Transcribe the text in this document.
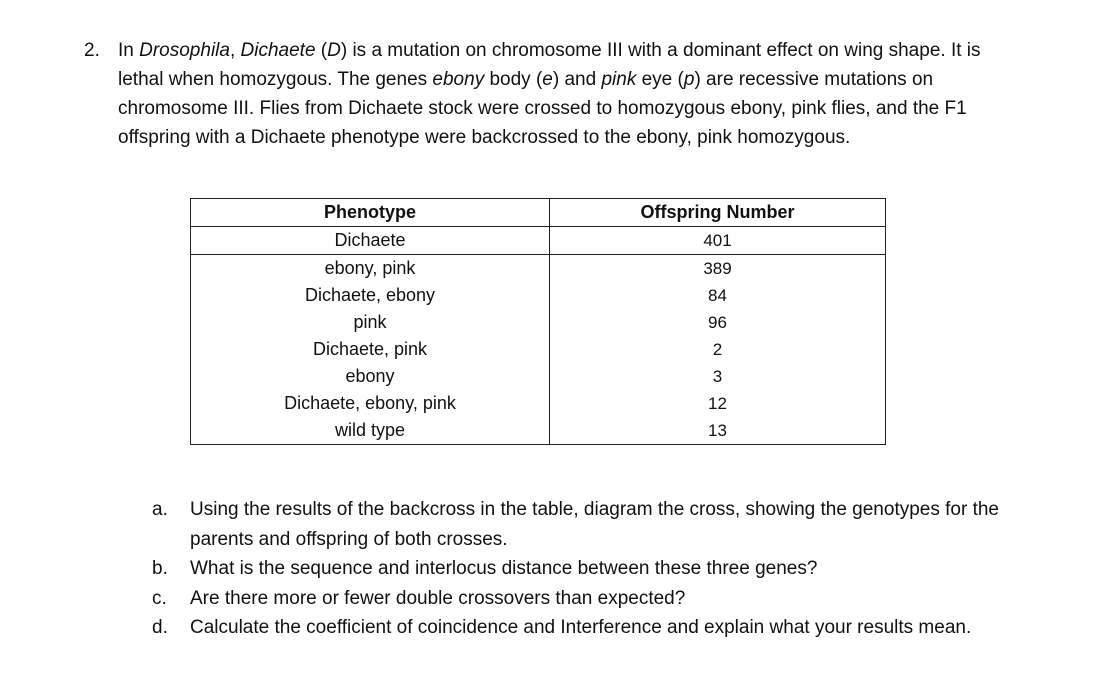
2. In Drosophila, Dichaete (D) is a mutation on chromosome III with a dominant effect on wing shape. It is lethal when homozygous. The genes ebony body (e) and pink eye (p) are recessive mutations on chromosome III. Flies from Dichaete stock were crossed to homozygous ebony, pink flies, and the F1 offspring with a Dichaete phenotype were backcrossed to the ebony, pink homozygous.
Phenotype	Offspring Number
Dichaete	401
ebony, pink	389
Dichaete, ebony	84
pink	96
Dichaete, pink	2
ebony	3
Dichaete, ebony, pink	12
wild type	13
a. Using the results of the backcross in the table, diagram the cross, showing the genotypes for the parents and offspring of both crosses.
b. What is the sequence and interlocus distance between these three genes?
c. Are there more or fewer double crossovers than expected?
d. Calculate the coefficient of coincidence and Interference and explain what your results mean.
